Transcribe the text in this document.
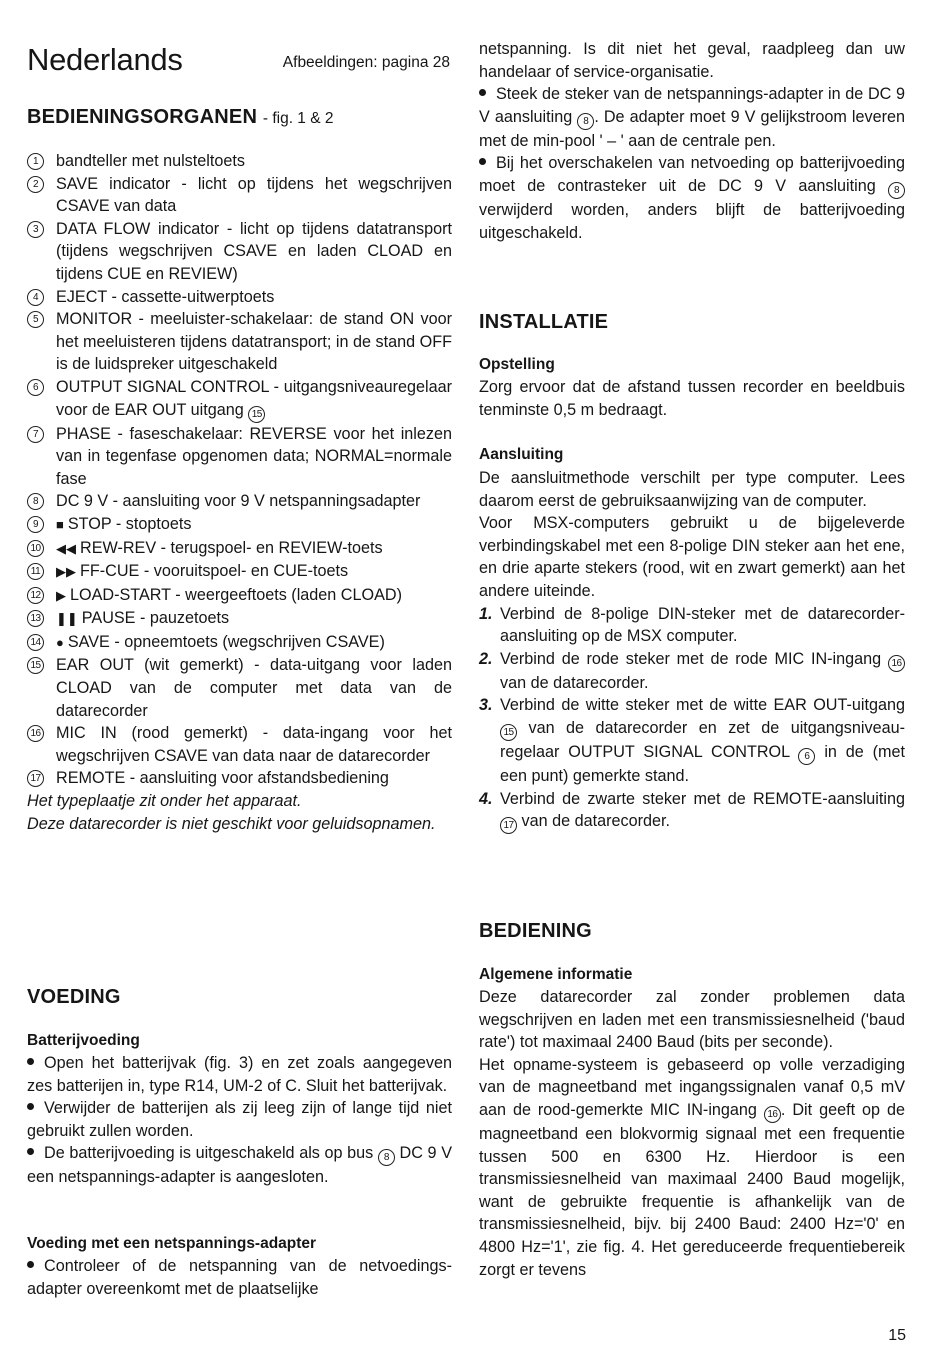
Nederlands	Afbeeldingen: pagina 28
BEDIENINGSORGANEN - fig. 1 & 2
1	bandteller met nulsteltoets
2	SAVE indicator - licht op tijdens het wegschrijven CSAVE van data
3	DATA FLOW indicator - licht op tijdens datatransport (tijdens wegschrijven CSAVE en laden CLOAD en tijdens CUE en REVIEW)
4	EJECT - cassette-uitwerptoets
5	MONITOR - meeluister-schakelaar: de stand ON voor het meeluisteren tijdens datatransport; in de stand OFF is de luidspreker uitgeschakeld
6	OUTPUT SIGNAL CONTROL - uitgangsniveauregelaar voor de EAR OUT uitgang 15
7	PHASE - faseschakelaar: REVERSE voor het inlezen van in tegenfase opgenomen data; NORMAL=normale fase
8	DC 9 V - aansluiting voor 9 V netspanningsadapter
9	■ STOP - stoptoets
10 ◀◀ REW-REV - terugspoel- en REVIEW-toets
11 ▶▶ FF-CUE - vooruitspoel- en CUE-toets
12 ▶ LOAD-START - weergeeftoets (laden CLOAD)
13 ❚❚ PAUSE - pauzetoets
14 ● SAVE - opneemtoets (wegschrijven CSAVE)
15 EAR OUT (wit gemerkt) - data-uitgang voor laden CLOAD van de computer met data van de datarecorder
16 MIC IN (rood gemerkt) - data-ingang voor het wegschrijven CSAVE van data naar de datarecorder
17 REMOTE - aansluiting voor afstandsbediening
Het typeplaatje zit onder het apparaat.
Deze datarecorder is niet geschikt voor geluidsopnamen.
VOEDING
Batterijvoeding
Open het batterijvak (fig. 3) en zet zoals aangegeven zes batterijen in, type R14, UM-2 of C. Sluit het batterijvak.
Verwijder de batterijen als zij leeg zijn of lange tijd niet gebruikt zullen worden.
De batterijvoeding is uitgeschakeld als op bus 8 DC 9 V een netspannings-adapter is aangesloten.
Voeding met een netspannings-adapter
Controleer of de netspanning van de netvoedings-adapter overeenkomt met de plaatselijke

netspanning. Is dit niet het geval, raadpleeg dan uw handelaar of service-organisatie.

Steek de steker van de netspannings-adapter in de DC 9 V aansluiting 8 . De adapter moet 9 V gelijkstroom leveren met de min-pool ' – ' aan de centrale pen.
Bij het overschakelen van netvoeding op batterijvoeding moet de contrasteker uit de DC 9 V aansluiting 8 verwijderd worden, anders blijft de batterijvoeding uitgeschakeld.
INSTALLATIE
Opstelling

Zorg ervoor dat de afstand tussen recorder en beeldbuis tenminste 0,5 m bedraagt.

Aansluiting

De aansluitmethode verschilt per type computer. Lees daarom eerst de gebruiksaanwijzing van de computer.

Voor MSX-computers gebruikt u de bijgeleverde verbindingskabel met een 8-polige DIN steker aan het ene, en drie aparte stekers (rood, wit en zwart gemerkt) aan het andere uiteinde.

1. Verbind de 8-polige DIN-steker met de datarecorder-aansluiting op de MSX computer.
2. Verbind de rode steker met de rode MIC IN-ingang 16 van de datarecorder.
3. Verbind de witte steker met de witte EAR OUT-uitgang 15 van de datarecorder en zet de uitgangsniveau-regelaar OUTPUT SIGNAL CONTROL 6 in de (met een punt) gemerkte stand.
4. Verbind de zwarte steker met de REMOTE-aansluiting 17 van de datarecorder.
BEDIENING
Algemene informatie

Deze datarecorder zal zonder problemen data wegschrijven en laden met een transmissiesnelheid ('baud rate') tot maximaal 2400 Baud (bits per seconde).

Het opname-systeem is gebaseerd op volle verzadiging van de magneetband met ingangssignalen vanaf 0,5 mV aan de rood-gemerkte MIC IN-ingang 16 . Dit geeft op de magneetband een blokvormig signaal met een frequentie tussen 500 en 6300 Hz. Hierdoor is een transmissiesnelheid van maximaal 2400 Baud mogelijk, want de gebruikte frequentie is afhankelijk van de transmissiesnelheid, bijv. bij 2400 Baud: 2400 Hz='0' en 4800 Hz='1', zie fig. 4. Het gereduceerde frequentiebereik zorgt er tevens

15
